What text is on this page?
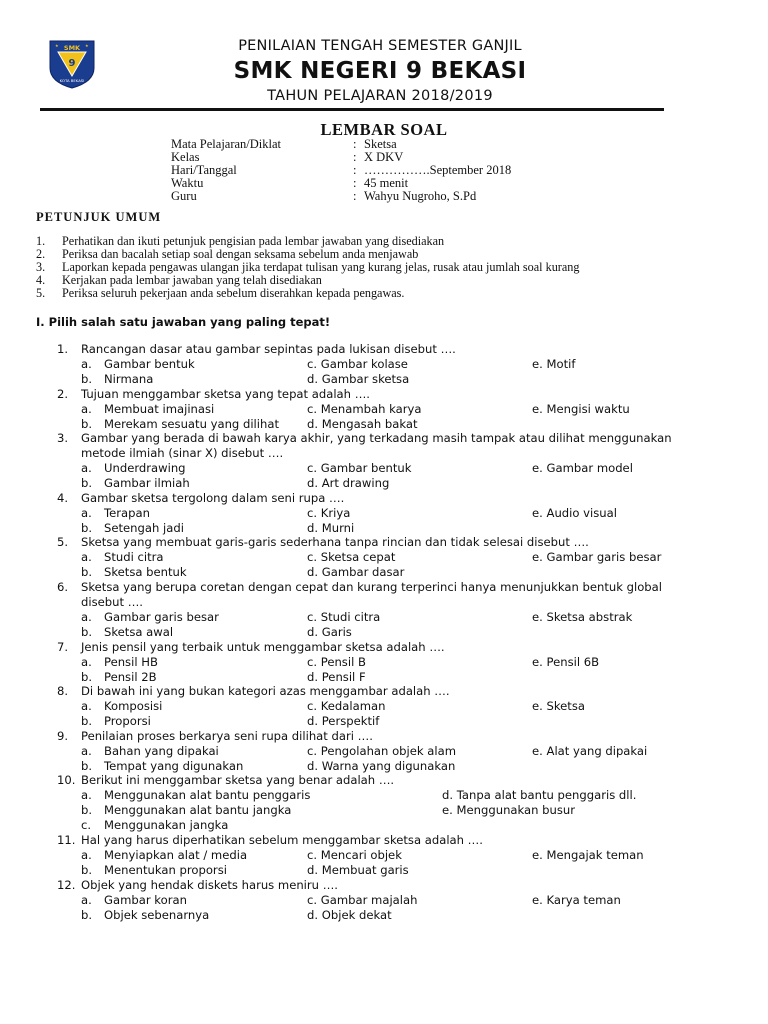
SMK
9
KOTA BEKASI
★	★	PENILAIAN TENGAH SEMESTER GANJIL
SMK NEGERI 9 BEKASI
TAHUN PELAJARAN 2018/2019
LEMBAR SOAL
Mata Pelajaran/Diklat	: Sketsa
Kelas	: X DKV
Hari/Tanggal	: …………….September 2018
Waktu	: 45 menit
Guru	: Wahyu Nugroho, S.Pd
PETUNJUK UMUM
1. Perhatikan dan ikuti petunjuk pengisian pada lembar jawaban yang disediakan
2. Periksa dan bacalah setiap soal dengan seksama sebelum anda menjawab
3. Laporkan kepada pengawas ulangan jika terdapat tulisan yang kurang jelas, rusak atau jumlah soal kurang
4. Kerjakan pada lembar jawaban yang telah disediakan
5. Periksa seluruh pekerjaan anda sebelum diserahkan kepada pengawas.
I. Pilih salah satu jawaban yang paling tepat!
1. Rancangan dasar atau gambar sepintas pada lukisan disebut ….
a. Gambar bentuk	c. Gambar kolase	e. Motif
b. Nirmana	d. Gambar sketsa
2. Tujuan menggambar sketsa yang tepat adalah ….
a. Membuat imajinasi	c. Menambah karya	e. Mengisi waktu
b. Merekam sesuatu yang dilihat d. Mengasah bakat
3. Gambar yang berada di bawah karya akhir, yang terkadang masih tampak atau dilihat menggunakan
metode ilmiah (sinar X) disebut ….
a. Underdrawing	c. Gambar bentuk	e. Gambar model
b. Gambar ilmiah	d. Art drawing
4. Gambar sketsa tergolong dalam seni rupa ….
a. Terapan	c. Kriya	e. Audio visual
b. Setengah jadi	d. Murni
5. Sketsa yang membuat garis-garis sederhana tanpa rincian dan tidak selesai disebut ….
a. Studi citra	c. Sketsa cepat	e. Gambar garis besar
b. Sketsa bentuk	d. Gambar dasar
6. Sketsa yang berupa coretan dengan cepat dan kurang terperinci hanya menunjukkan bentuk global
disebut ….
a. Gambar garis besar	c. Studi citra	e. Sketsa abstrak
b. Sketsa awal	d. Garis
7. Jenis pensil yang terbaik untuk menggambar sketsa adalah ….
a. Pensil HB	c. Pensil B	e. Pensil 6B
b. Pensil 2B	d. Pensil F
8. Di bawah ini yang bukan kategori azas menggambar adalah ….
a. Komposisi	c. Kedalaman	e. Sketsa
b. Proporsi	d. Perspektif
9. Penilaian proses berkarya seni rupa dilihat dari ….
a. Bahan yang dipakai	c. Pengolahan objek alam	e. Alat yang dipakai
b. Tempat yang digunakan	d. Warna yang digunakan
10. Berikut ini menggambar sketsa yang benar adalah ….
a. Menggunakan alat bantu penggaris	d. Tanpa alat bantu penggaris dll.
b. Menggunakan alat bantu jangka	e. Menggunakan busur
c. Menggunakan jangka
11. Hal yang harus diperhatikan sebelum menggambar sketsa adalah ….
a. Menyiapkan alat / media	c. Mencari objek	e. Mengajak teman
b. Menentukan proporsi	d. Membuat garis
12. Objek yang hendak diskets harus meniru ….
a. Gambar koran	c. Gambar majalah	e. Karya teman
b. Objek sebenarnya	d. Objek dekat
